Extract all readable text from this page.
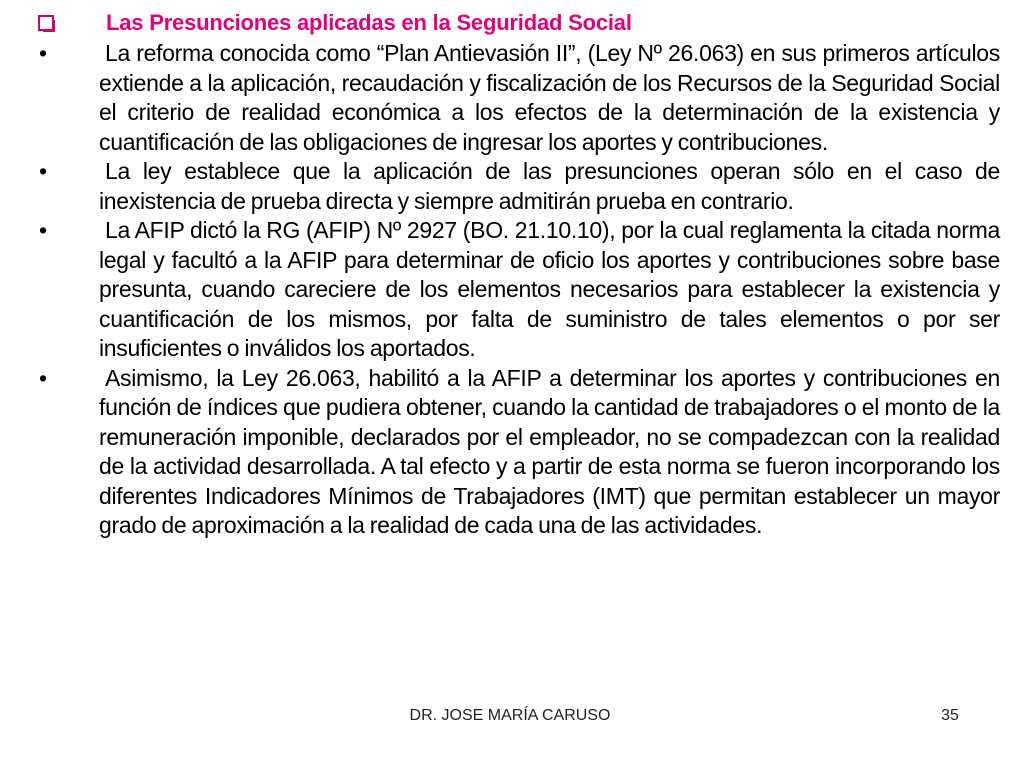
Las Presunciones aplicadas en la Seguridad Social
•	La reforma conocida como “Plan Antievasión II”, (Ley Nº 26.063) en sus primeros artículos extiende a la aplicación, recaudación y fiscalización de los Recursos de la Seguridad Social el criterio de realidad económica a los efectos de la determinación de la existencia y cuantificación de las obligaciones de ingresar los aportes y contribuciones.
•	La ley establece que la aplicación de las presunciones operan sólo en el caso de inexistencia de prueba directa y siempre admitirán prueba en contrario.
•	La AFIP dictó la RG (AFIP) Nº 2927 (BO. 21.10.10), por la cual reglamenta la citada norma legal y facultó a la AFIP para determinar de oficio los aportes y contribuciones sobre base presunta, cuando careciere de los elementos necesarios para establecer la existencia y cuantificación de los mismos, por falta de suministro de tales elementos o por ser insuficientes o inválidos los aportados.
•	Asimismo, la Ley 26.063, habilitó a la AFIP a determinar los aportes y contribuciones en función de índices que pudiera obtener, cuando la cantidad de trabajadores o el monto de la remuneración imponible, declarados por el empleador, no se compadezcan con la realidad de la actividad desarrollada. A tal efecto y a partir de esta norma se fueron incorporando los diferentes Indicadores Mínimos de Trabajadores (IMT) que permitan establecer un mayor grado de aproximación a la realidad de cada una de las actividades.
DR. JOSE MARÍA CARUSO	35
